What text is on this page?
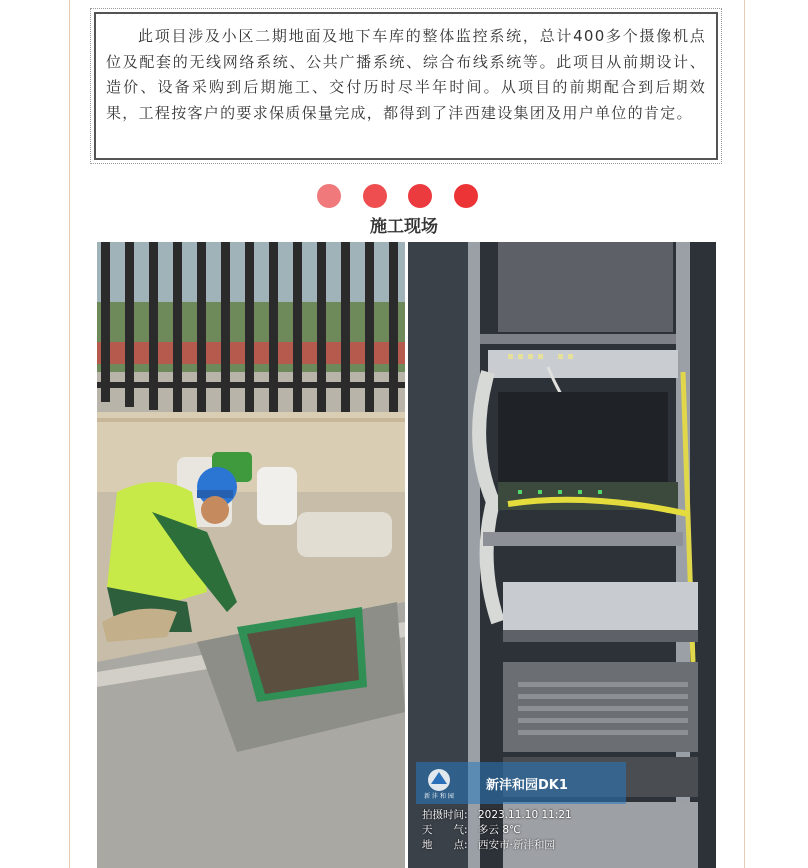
此项目涉及小区二期地面及地下车库的整体监控系统，总计400多个摄像机点位及配套的无线网络系统、公共广播系统、综合布线系统等。此项目从前期设计、造价、设备采购到后期施工、交付历时尽半年时间。从项目的前期配合到后期效果，工程按客户的要求保质保量完成，都得到了沣西建设集团及用户单位的肯定。

施工现场
新 沣 和 园
新沣和园DK1
拍摄时间: 2023.11.10 11:21
天　　气: 多云 8℃
地　　点: 西安市·新沣和园
